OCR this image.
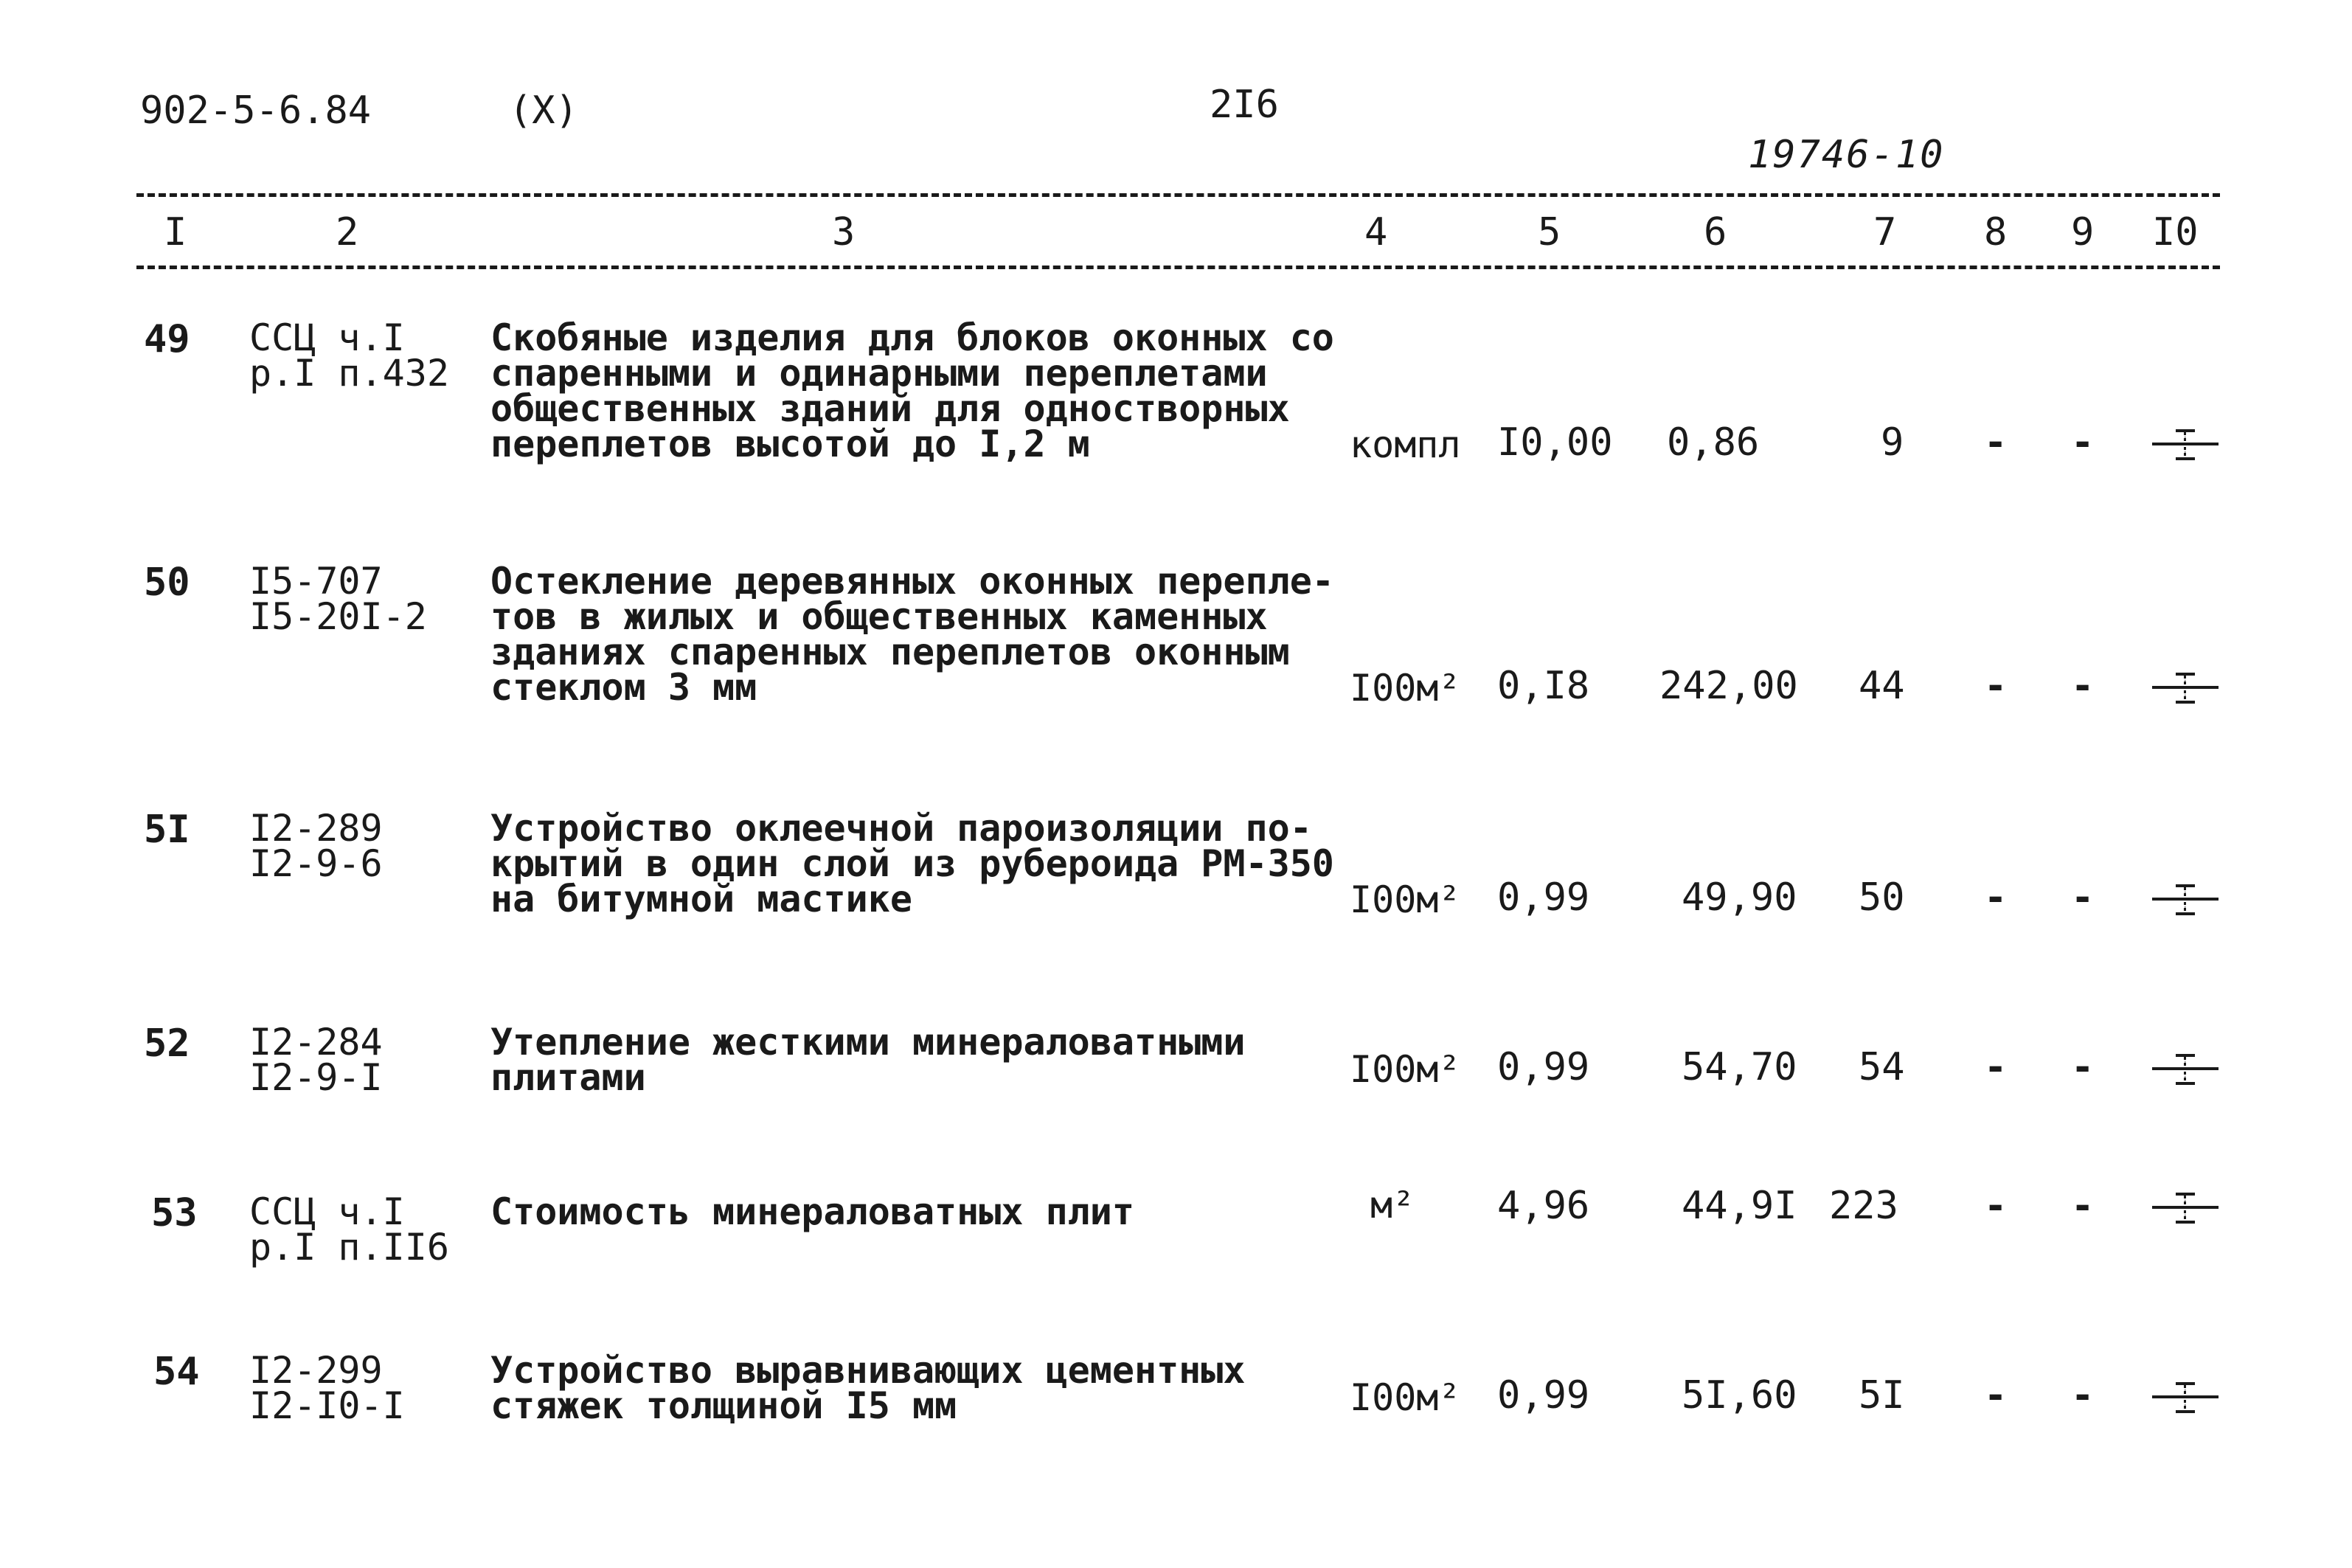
902-5-6.84	(X)	2I6
19746-10
I	2	3	4	5	6	7 8 9 I0
49 ССЦ ч.I
р.I п.432
Скобяные изделия для блоков оконных со
спаренными и одинарными переплетами
общественных зданий для одностворных
переплетов высотой до I,2 м	компл I0,00 0,86	9 - -
50 I5-707
I5-20I-2
Остекление деревянных оконных перепле-
тов в жилых и общественных каменных
зданиях спаренных переплетов оконным
стеклом 3 мм	I00м² 0,I8 242,00 44 - -
5I I2-289
I2-9-6
Устройство оклеечной пароизоляции по-
крытий в один слой из рубероида РМ-350
на битумной мастике	I00м² 0,99 49,90 50 - -
52 I2-284
I2-9-I
Утепление жесткими минераловатными
плитами	I00м² 0,99 54,70 54 - -
53 ССЦ ч.I
р.I п.II6
Стоимость минераловатных плит	м² 4,96 44,9I 223 - -
54 I2-299
I2-I0-I
Устройство выравнивающих цементных
стяжек толщиной I5 мм	I00м² 0,99 5I,60 5I - -
